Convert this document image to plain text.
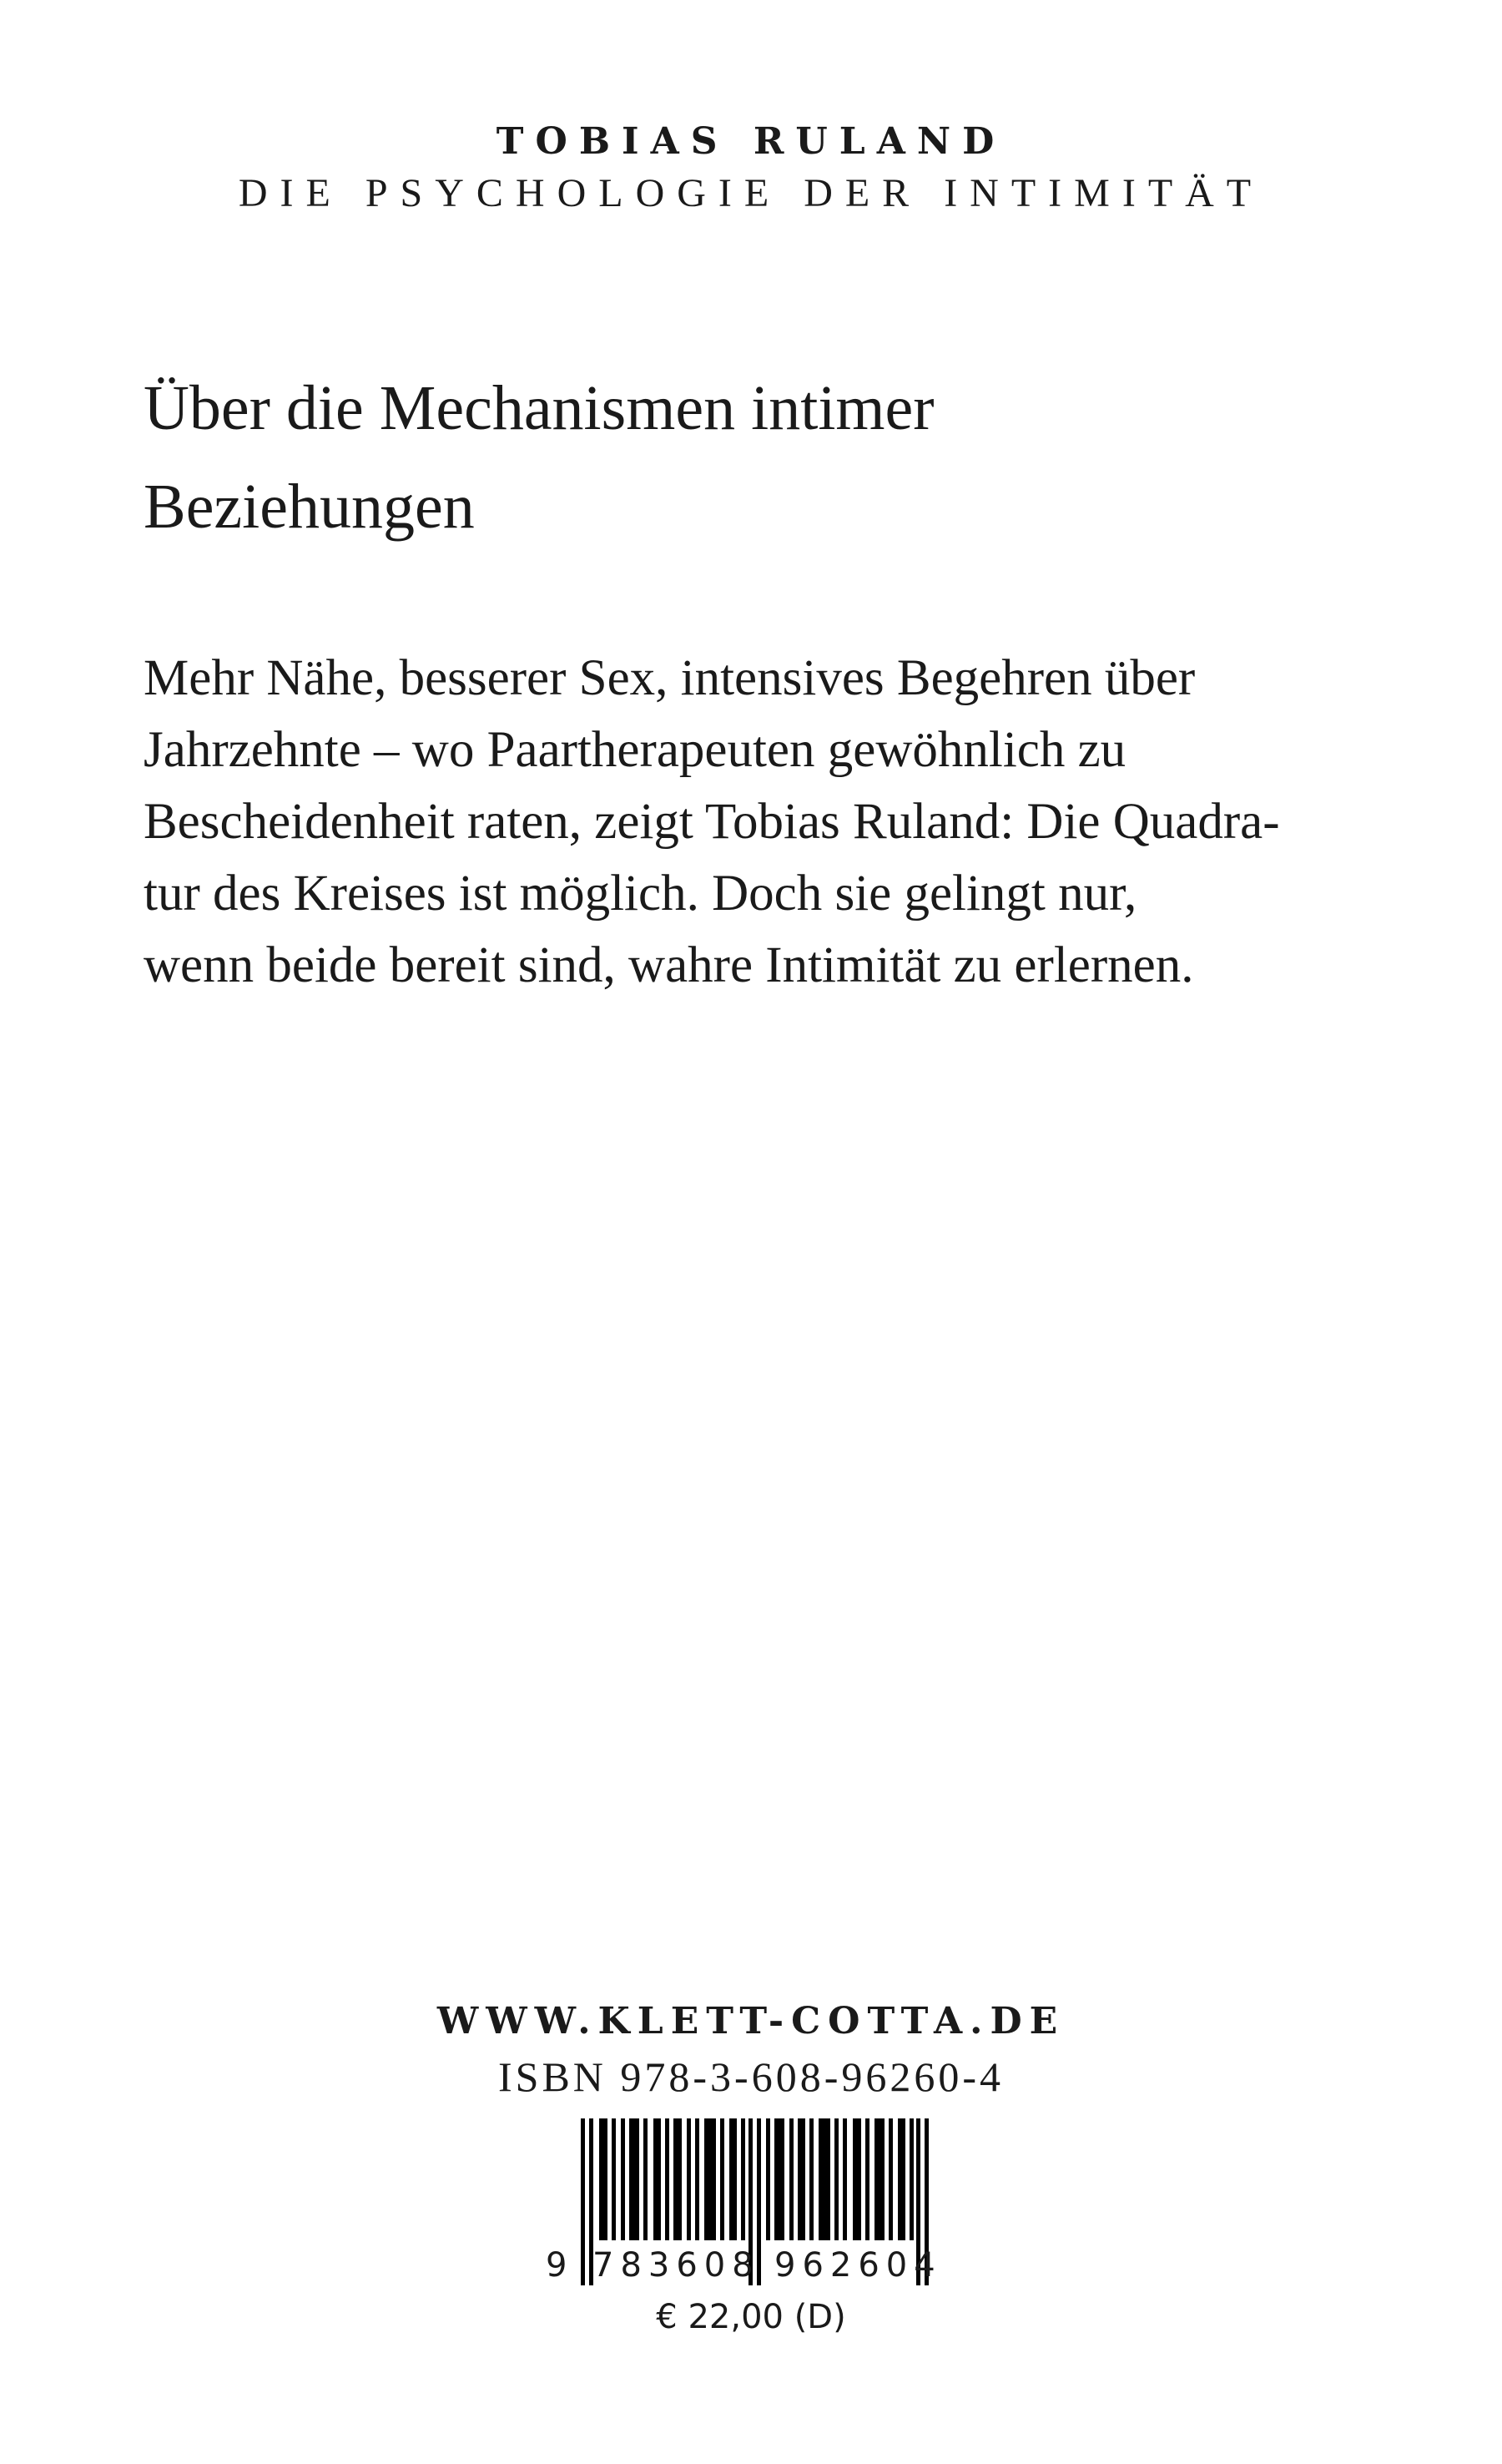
TOBIAS RULAND
DIE PSYCHOLOGIE DER INTIMITÄT
Über die Mechanismen intimer
Beziehungen
Mehr Nähe, besserer Sex, intensives Begehren über
Jahrzehnte – wo Paartherapeuten gewöhnlich zu
Bescheidenheit raten, zeigt Tobias Ruland: Die Quadra-
tur des Kreises ist möglich. Doch sie gelingt nur,
wenn beide bereit sind, wahre Intimität zu erlernen.
WWW.KLETT-COTTA.DE
ISBN 978-3-608-96260-4
9 783608 962604
€ 22,00 (D)
